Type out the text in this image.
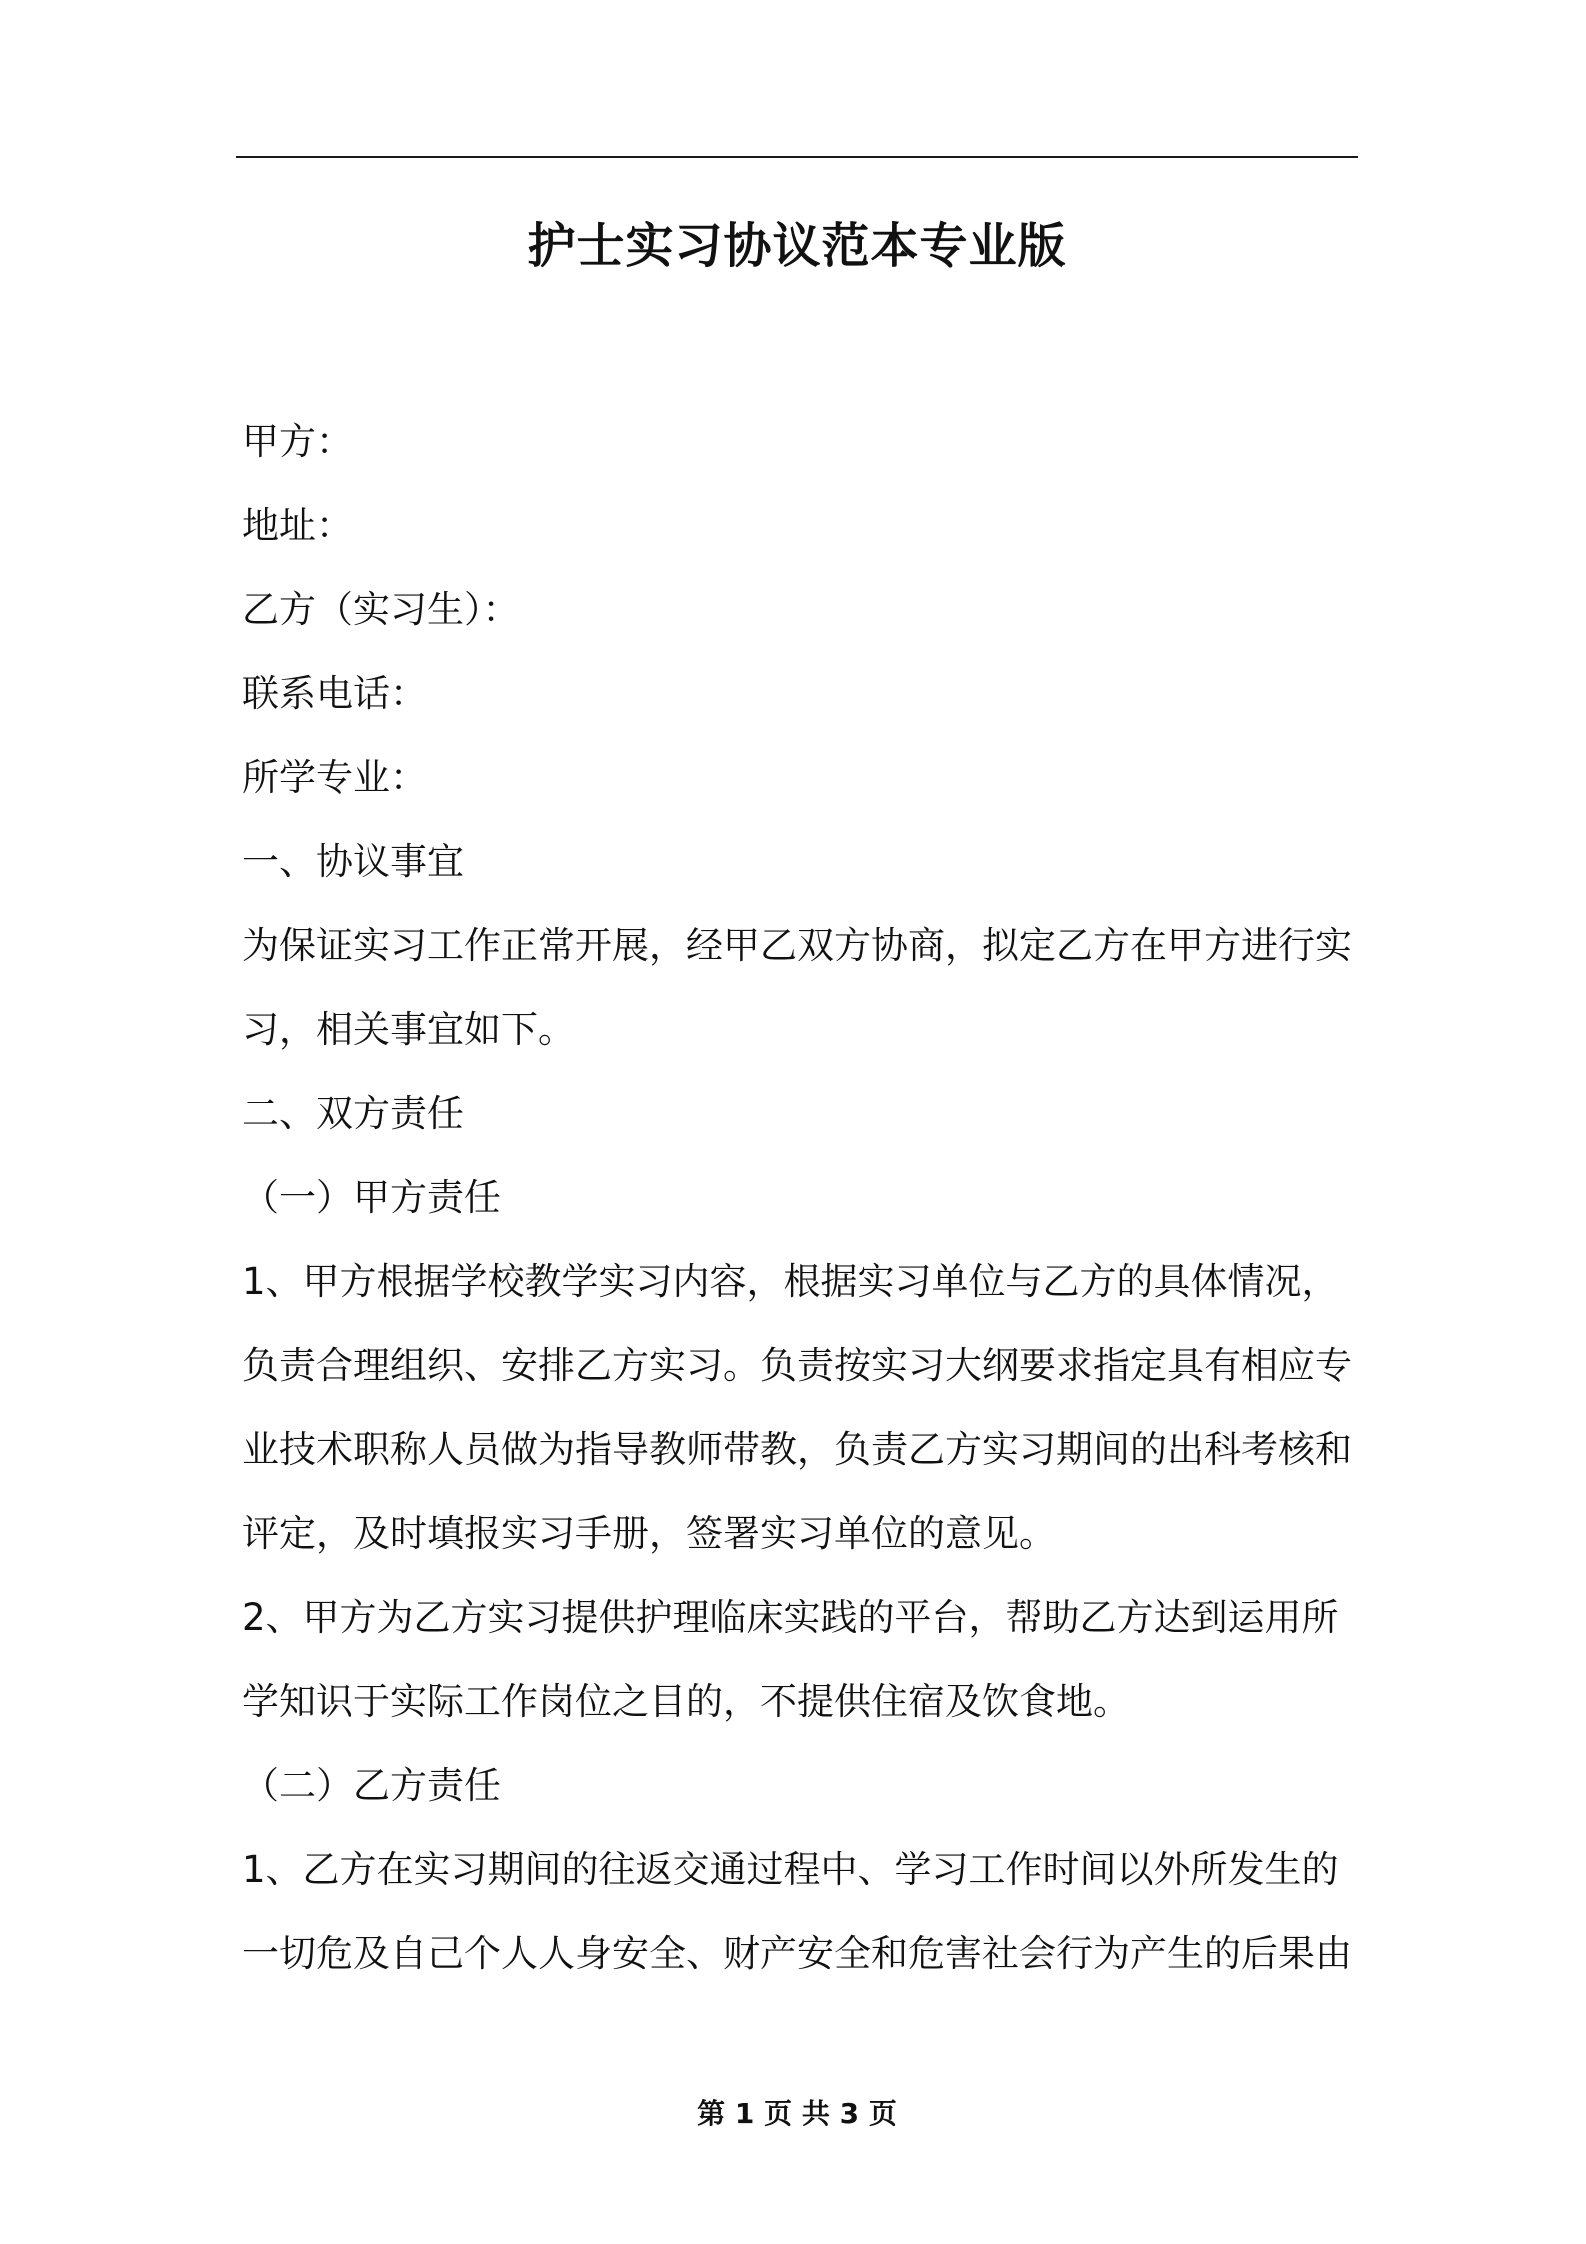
护士实习协议范本专业版
甲方：
地址：
乙方（实习生）：
联系电话：
所学专业：
一、协议事宜
为保证实习工作正常开展，经甲乙双方协商，拟定乙方在甲方进行实
习，相关事宜如下。
二、双方责任
（一）甲方责任
1、甲方根据学校教学实习内容，根据实习单位与乙方的具体情况，
负责合理组织、安排乙方实习。负责按实习大纲要求指定具有相应专
业技术职称人员做为指导教师带教，负责乙方实习期间的出科考核和
评定，及时填报实习手册，签署实习单位的意见。
2、甲方为乙方实习提供护理临床实践的平台，帮助乙方达到运用所
学知识于实际工作岗位之目的，不提供住宿及饮食地。
（二）乙方责任
1、乙方在实习期间的往返交通过程中、学习工作时间以外所发生的
一切危及自己个人人身安全、财产安全和危害社会行为产生的后果由
第 1 页 共 3 页
